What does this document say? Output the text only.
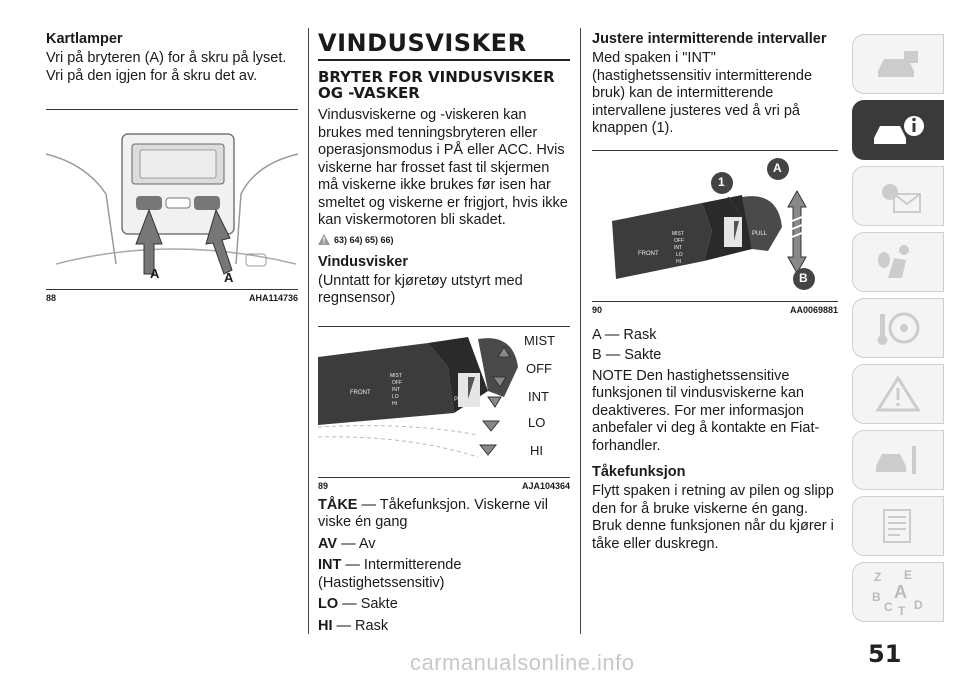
Kartlamper

Vri på bryteren (A) for å skru på lyset. Vri på den igjen for å skru det av.

A	A
88	AHA114736
VINDUSVISKER
BRYTER FOR VINDUSVISKER OG -VASKER

Vindusviskerne og -viskeren kan brukes med tenningsbryteren eller operasjonsmodus i PÅ eller ACC. Hvis viskerne har frosset fast til skjermen må viskerne ikke brukes før isen har smeltet og viskerne er frigjort, hvis ikke kan viskermotoren bli skadet.

63) 64) 65) 66)
Vindusvisker

(Unntatt for kjøretøy utstyrt med regnsensor)

FRONT
MIST
OFF
INT
LO
HI
PULL
MIST
OFF
INT
LO
HI
89	AJA104364
TÅKE — Tåkefunksjon. Viskerne vil viske én gang
AV — Av
INT — Intermitterende (Hastighetssensitiv)
LO — Sakte
HI — Rask
Justere intermitterende intervaller

Med spaken i "INT" (hastighetssensitiv intermitterende bruk) kan de intermitterende intervallene justeres ved å vri på knappen (1).

1
A
B
FRONT
MIST
OFF
INT
LO
HI
PULL
90	AA0069881

A — Rask

B — Sakte

NOTE Den hastighetssensitive funksjonen til vindusviskerne kan deaktiveres. For mer informasjon anbefaler vi deg å kontakte en Fiat-forhandler.

Tåkefunksjon

Flytt spaken i retning av pilen og slipp den for å bruke viskerne én gang. Bruk denne funksjonen når du kjører i tåke eller duskregn.

Z E
A
B
C D
T
51
carmanualsonline.info
